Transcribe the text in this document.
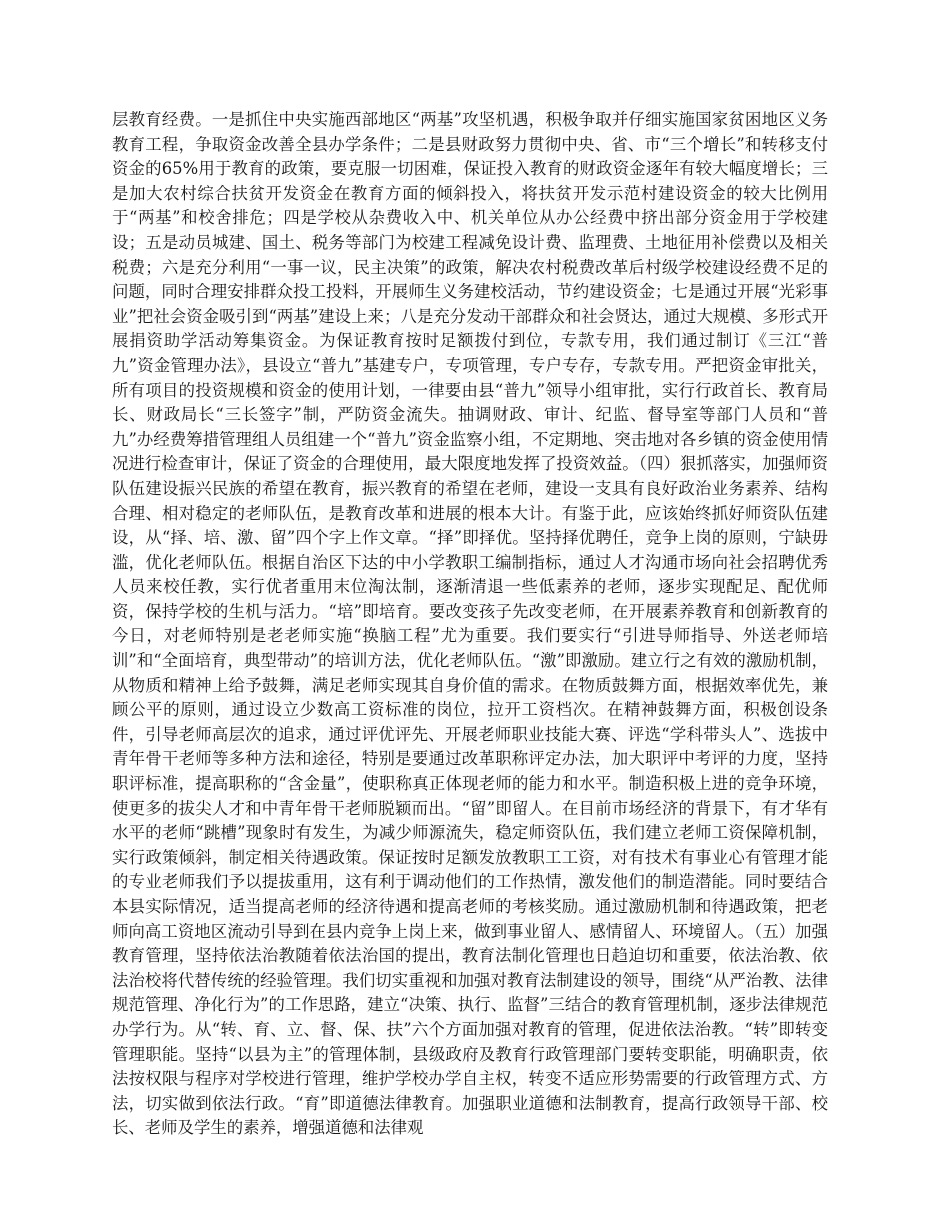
层教育经费。一是抓住中央实施西部地区“两基”攻坚机遇，积极争取并仔细实施国家贫困地区义务教育工程，争取资金改善全县办学条件；二是县财政努力贯彻中央、省、市“三个增长”和转移支付资金的65%用于教育的政策，要克服一切困难，保证投入教育的财政资金逐年有较大幅度增长；三是加大农村综合扶贫开发资金在教育方面的倾斜投入，将扶贫开发示范村建设资金的较大比例用于“两基”和校舍排危；四是学校从杂费收入中、机关单位从办公经费中挤出部分资金用于学校建设；五是动员城建、国土、税务等部门为校建工程减免设计费、监理费、土地征用补偿费以及相关税费；六是充分利用“一事一议，民主决策”的政策，解决农村税费改革后村级学校建设经费不足的问题，同时合理安排群众投工投料，开展师生义务建校活动，节约建设资金；七是通过开展“光彩事业”把社会资金吸引到“两基”建设上来；八是充分发动干部群众和社会贤达，通过大规模、多形式开展捐资助学活动筹集资金。为保证教育按时足额拨付到位，专款专用，我们通过制订《三江“普九”资金管理办法》，县设立“普九”基建专户，专项管理，专户专存，专款专用。严把资金审批关，所有项目的投资规模和资金的使用计划，一律要由县“普九”领导小组审批，实行行政首长、教育局长、财政局长“三长签字”制，严防资金流失。抽调财政、审计、纪监、督导室等部门人员和“普九”办经费筹措管理组人员组建一个“普九”资金监察小组，不定期地、突击地对各乡镇的资金使用情况进行检查审计，保证了资金的合理使用，最大限度地发挥了投资效益。（四）狠抓落实，加强师资队伍建设振兴民族的希望在教育，振兴教育的希望在老师，建设一支具有良好政治业务素养、结构合理、相对稳定的老师队伍，是教育改革和进展的根本大计。有鉴于此，应该始终抓好师资队伍建设，从“择、培、激、留”四个字上作文章。“择”即择优。坚持择优聘任，竞争上岗的原则，宁缺毋滥，优化老师队伍。根据自治区下达的中小学教职工编制指标，通过人才沟通市场向社会招聘优秀人员来校任教，实行优者重用末位淘汰制，逐渐清退一些低素养的老师，逐步实现配足、配优师资，保持学校的生机与活力。“培”即培育。要改变孩子先改变老师，在开展素养教育和创新教育的今日，对老师特别是老老师实施“换脑工程”尤为重要。我们要实行“引进导师指导、外送老师培训”和“全面培育，典型带动”的培训方法，优化老师队伍。“激”即激励。建立行之有效的激励机制，从物质和精神上给予鼓舞，满足老师实现其自身价值的需求。在物质鼓舞方面，根据效率优先，兼顾公平的原则，通过设立少数高工资标准的岗位，拉开工资档次。在精神鼓舞方面，积极创设条件，引导老师高层次的追求，通过评优评先、开展老师职业技能大赛、评选“学科带头人”、选拔中青年骨干老师等多种方法和途径，特别是要通过改革职称评定办法，加大职评中考评的力度，坚持职评标准，提高职称的“含金量”，使职称真正体现老师的能力和水平。制造积极上进的竞争环境，使更多的拔尖人才和中青年骨干老师脱颖而出。“留”即留人。在目前市场经济的背景下，有才华有水平的老师“跳槽”现象时有发生，为减少师源流失，稳定师资队伍，我们建立老师工资保障机制，实行政策倾斜，制定相关待遇政策。保证按时足额发放教职工工资，对有技术有事业心有管理才能的专业老师我们予以提拔重用，这有利于调动他们的工作热情，激发他们的制造潜能。同时要结合本县实际情况，适当提高老师的经济待遇和提高老师的考核奖励。通过激励机制和待遇政策，把老师向高工资地区流动引导到在县内竞争上岗上来，做到事业留人、感情留人、环境留人。（五）加强教育管理，坚持依法治教随着依法治国的提出，教育法制化管理也日趋迫切和重要，依法治教、依法治校将代替传统的经验管理。我们切实重视和加强对教育法制建设的领导，围绕“从严治教、法律规范管理、净化行为”的工作思路，建立“决策、执行、监督”三结合的教育管理机制，逐步法律规范办学行为。从“转、育、立、督、保、扶”六个方面加强对教育的管理，促进依法治教。“转”即转变管理职能。坚持“以县为主”的管理体制，县级政府及教育行政管理部门要转变职能，明确职责，依法按权限与程序对学校进行管理，维护学校办学自主权，转变不适应形势需要的行政管理方式、方法，切实做到依法行政。“育”即道德法律教育。加强职业道德和法制教育，提高行政领导干部、校长、老师及学生的素养，增强道德和法律观
